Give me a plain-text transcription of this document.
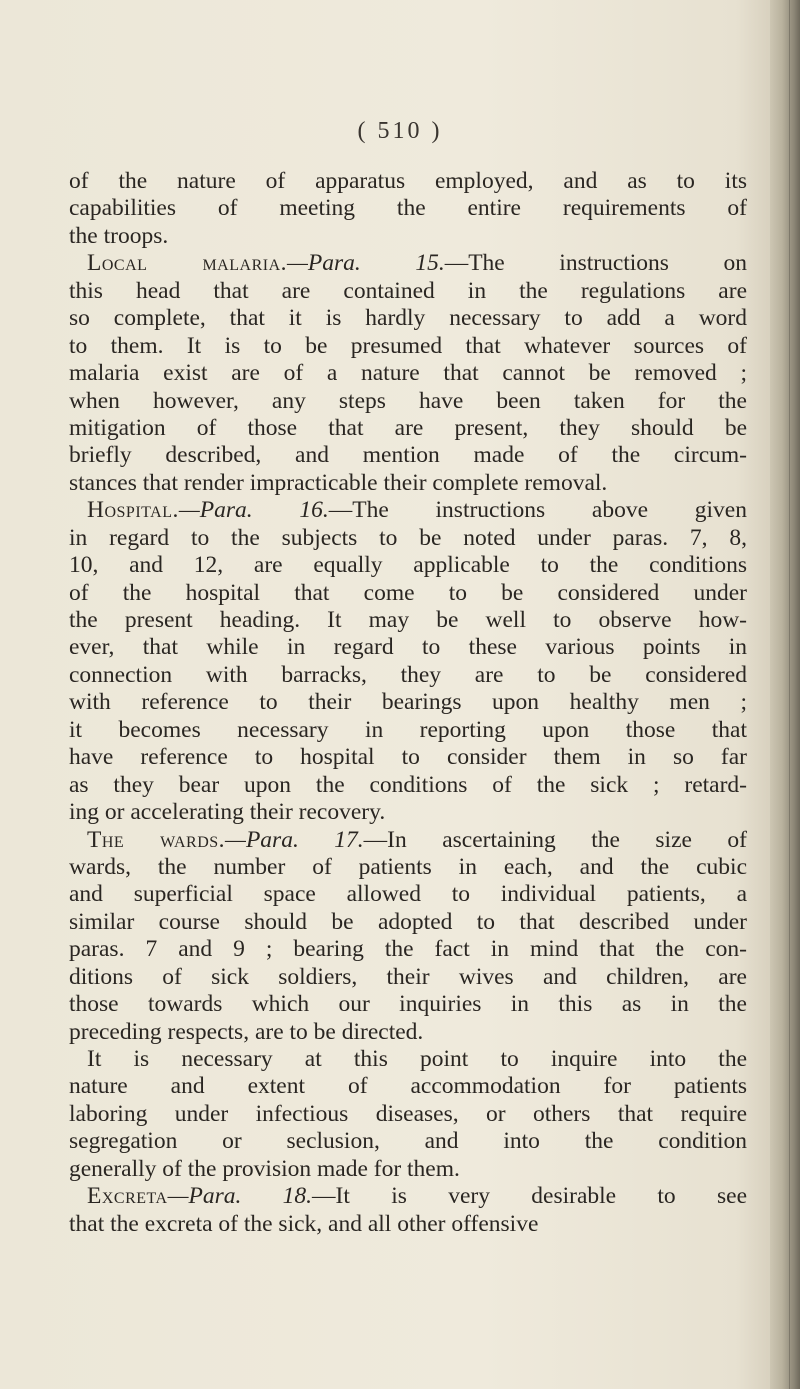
( 510 )
of the nature of apparatus employed, and as to its
capabilities of meeting the entire requirements of
the troops.
Local malaria.—Para. 15.—The instructions on
this head that are contained in the regulations are
so complete, that it is hardly necessary to add a word
to them. It is to be presumed that whatever sources of
malaria exist are of a nature that cannot be removed ;
when however, any steps have been taken for the
mitigation of those that are present, they should be
briefly described, and mention made of the circum-
stances that render impracticable their complete removal.
Hospital.—Para. 16.—The instructions above given
in regard to the subjects to be noted under paras. 7, 8,
10, and 12, are equally applicable to the conditions
of the hospital that come to be considered under
the present heading. It may be well to observe how-
ever, that while in regard to these various points in
connection with barracks, they are to be considered
with reference to their bearings upon healthy men ;
it becomes necessary in reporting upon those that
have reference to hospital to consider them in so far
as they bear upon the conditions of the sick ; retard-
ing or accelerating their recovery.
The wards.—Para. 17.—In ascertaining the size of
wards, the number of patients in each, and the cubic
and superficial space allowed to individual patients, a
similar course should be adopted to that described under
paras. 7 and 9 ; bearing the fact in mind that the con-
ditions of sick soldiers, their wives and children, are
those towards which our inquiries in this as in the
preceding respects, are to be directed.
It is necessary at this point to inquire into the
nature and extent of accommodation for patients
laboring under infectious diseases, or others that require
segregation or seclusion, and into the condition
generally of the provision made for them.
Excreta—Para. 18.—It is very desirable to see
that the excreta of the sick, and all other offensive
